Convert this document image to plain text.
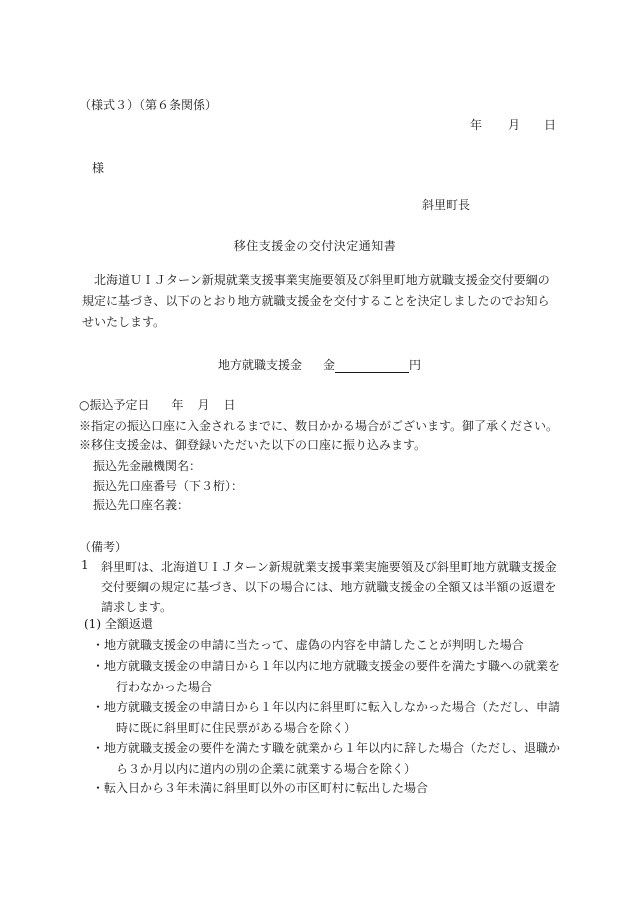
（様式３）（第６条関係）
年 月 日
様
斜里町長
移住支援金の交付決定通知書
北海道ＵＩＪターン新規就業支援事業実施要領及び斜里町地方就職支援金交付要綱の規定に基づき、以下のとおり地方就職支援金を交付することを決定しましたのでお知らせいたします。
地方就職支援金 金	円
○振込予定日 年 月 日
※指定の振込口座に入金されるまでに、数日かかる場合がございます。御了承ください。
※移住支援金は、御登録いただいた以下の口座に振り込みます。
振込先金融機関名：
振込先口座番号（下３桁）：
振込先口座名義：
（備考）
1 斜里町は、北海道ＵＩＪターン新規就業支援事業実施要領及び斜里町地方就職支援金交付要綱の規定に基づき、以下の場合には、地方就職支援金の全額又は半額の返還を請求します。
(1) 全額返還
・地方就職支援金の申請に当たって、虚偽の内容を申請したことが判明した場合
・地方就職支援金の申請日から１年以内に地方就職支援金の要件を満たす職への就業を
行わなかった場合
・地方就職支援金の申請日から１年以内に斜里町に転入しなかった場合（ただし、申請
時に既に斜里町に住民票がある場合を除く）
・地方就職支援金の要件を満たす職を就業から１年以内に辞した場合（ただし、退職か
ら３か月以内に道内の別の企業に就業する場合を除く）
・転入日から３年未満に斜里町以外の市区町村に転出した場合
